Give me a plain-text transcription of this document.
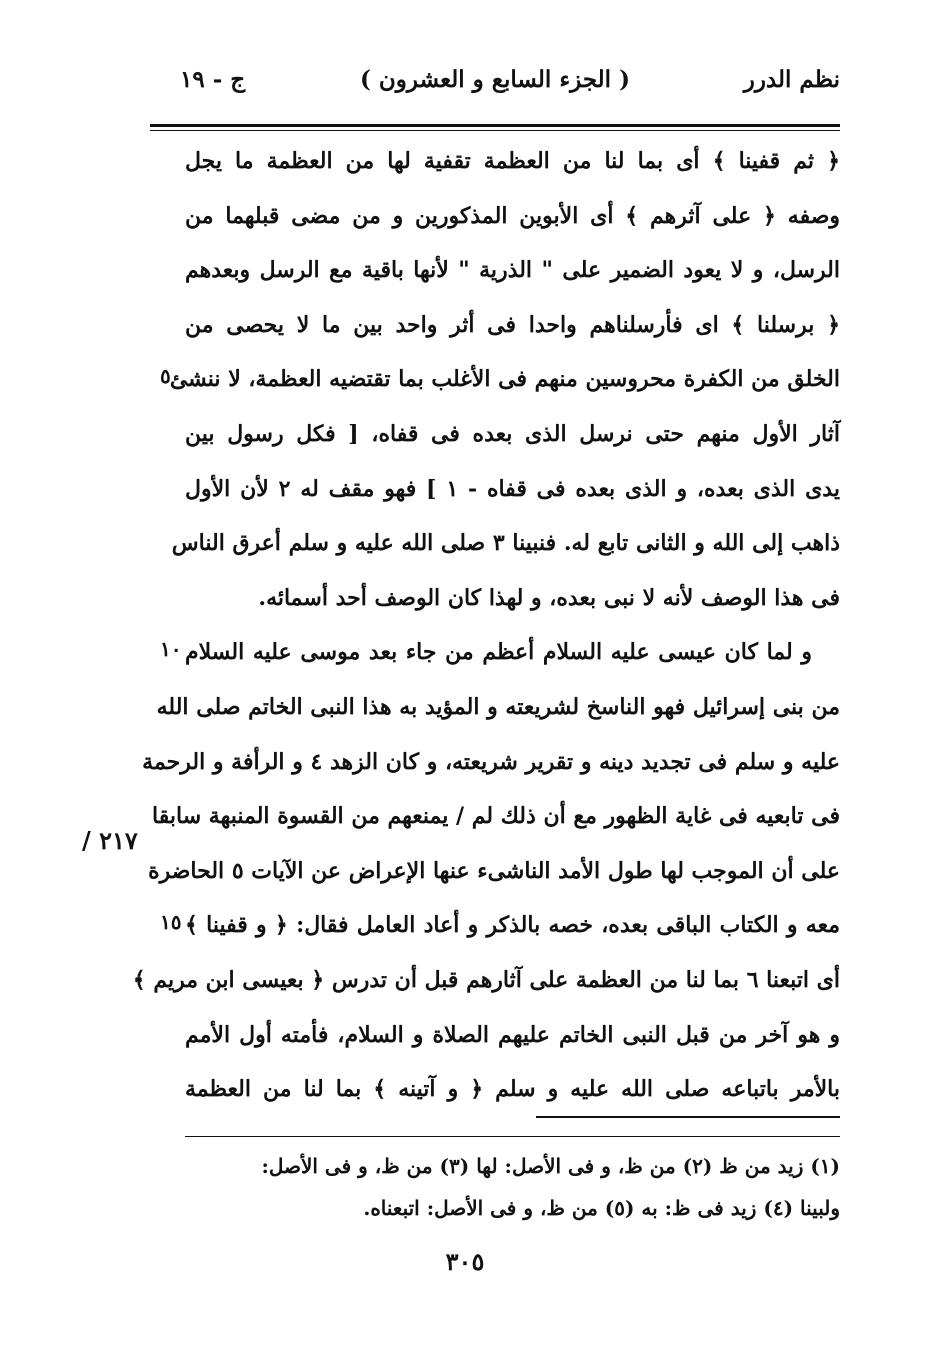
نظم الدرر
( الجزء السابع و العشرون )
ج - ١٩
﴿ ثم قفينا ﴾ أى بما لنا من العظمة تقفية لها من العظمة ما يجل
وصفه ﴿ على آثرهم ﴾ أى الأبوين المذكورين و من مضى قبلهما من
الرسل، و لا يعود الضمير على " الذرية " لأنها باقية مع الرسل وبعدهم
﴿ برسلنا ﴾ اى فأرسلناهم واحدا فى أثر واحد بين ما لا يحصى من
الخلق من الكفرة محروسين منهم فى الأغلب بما تقتضيه العظمة، لا ننشئ
آثار الأول منهم حتى نرسل الذى بعده فى قفاه، [ فكل رسول بين
يدى الذى بعده، و الذى بعده فى قفاه - ١ ] فهو مقف له ٢ لأن الأول
ذاهب إلى الله و الثانى تابع له. فنبينا ٣ صلى الله عليه و سلم أعرق الناس
فى هذا الوصف لأنه لا نبى بعده، و لهذا كان الوصف أحد أسمائه.
و لما كان عيسى عليه السلام أعظم من جاء بعد موسى عليه السلام
من بنى إسرائيل فهو الناسخ لشريعته و المؤيد به هذا النبى الخاتم صلى الله
عليه و سلم فى تجديد دينه و تقرير شريعته، و كان الزهد ٤ و الرأفة و الرحمة
فى تابعيه فى غاية الظهور مع أن ذلك لم / يمنعهم من القسوة المنبهة سابقا
على أن الموجب لها طول الأمد الناشىء عنها الإعراض عن الآيات ٥ الحاضرة
معه و الكتاب الباقى بعده، خصه بالذكر و أعاد العامل فقال: ﴿ و قفينا ﴾
أى اتبعنا ٦ بما لنا من العظمة على آثارهم قبل أن تدرس ﴿ بعيسى ابن مريم ﴾
و هو آخر من قبل النبى الخاتم عليهم الصلاة و السلام، فأمته أول الأمم
بالأمر باتباعه صلى الله عليه و سلم ﴿ و آتينه ﴾ بما لنا من العظمة
٥
١٠
١٥
٢١٧ /
(١) زيد من ظ (٢) من ظ، و فى الأصل: لها (٣) من ظ، و فى الأصل:
ولبينا (٤) زيد فى ظ: به (٥) من ظ، و فى الأصل: اتبعناه.
٣٠٥
